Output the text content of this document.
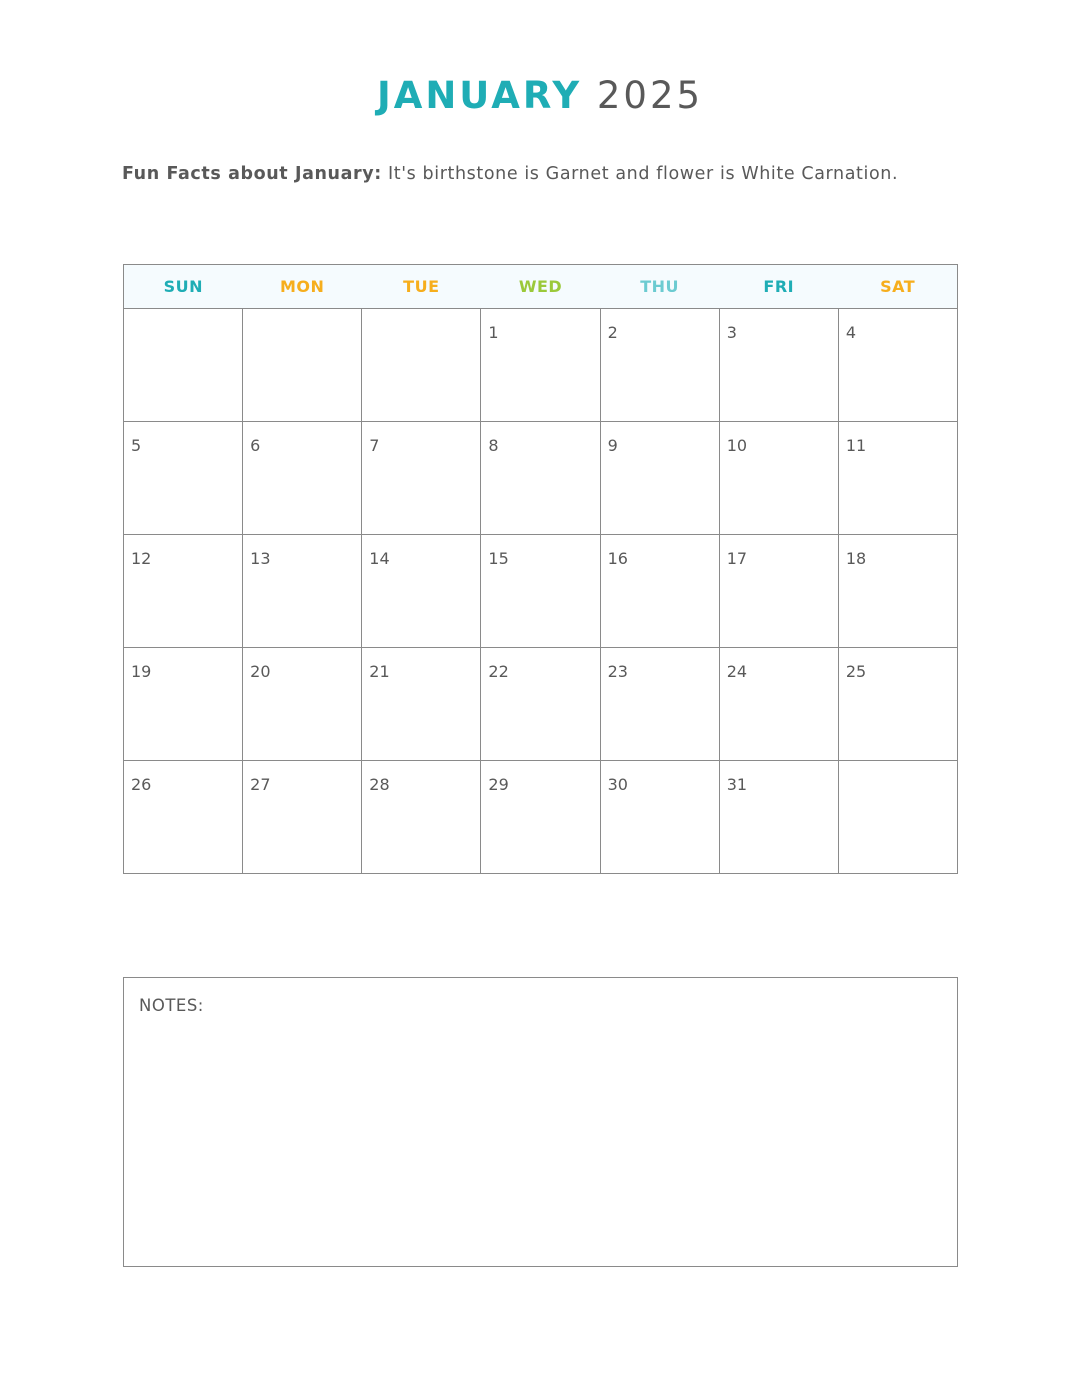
JANUARY 2025
Fun Facts about January: It's birthstone is Garnet and flower is White Carnation.
SUN	MON	TUE	WED	THU	FRI	SAT
			1	2	3	4
5	6	7	8	9	10	11
12	13	14	15	16	17	18
19	20	21	22	23	24	25
26	27	28	29	30	31	
NOTES:
